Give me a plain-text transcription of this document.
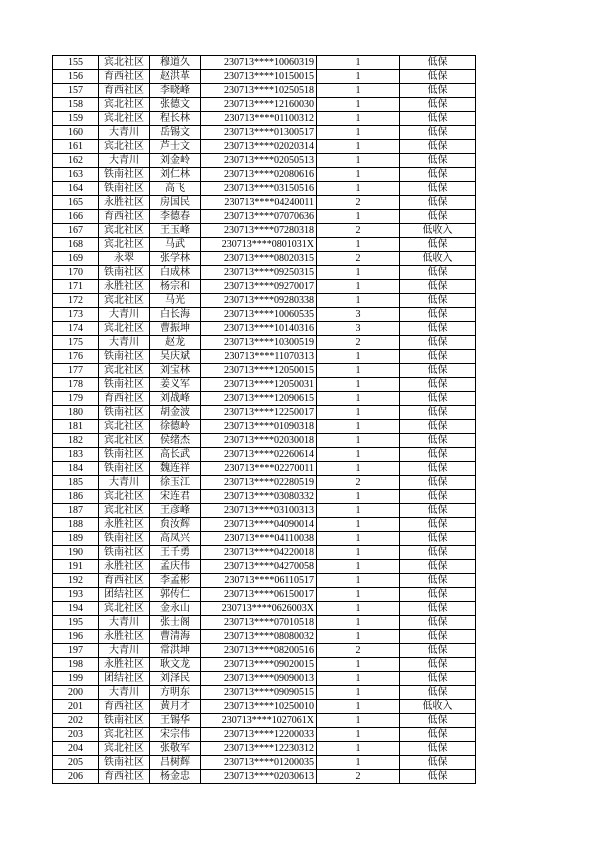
155	宾北社区	穆道久	230713****10060319	1	低保
156	育西社区	赵洪革	230713****10150015	1	低保
157	育西社区	李晓峰	230713****10250518	1	低保
158	宾北社区	张德文	230713****12160030	1	低保
159	宾北社区	程长林	230713****01100312	1	低保
160	大青川	岳锡文	230713****01300517	1	低保
161	宾北社区	芦士文	230713****02020314	1	低保
162	大青川	刘金岭	230713****02050513	1	低保
163	铁南社区	刘仁林	230713****02080616	1	低保
164	铁南社区	高飞	230713****03150516	1	低保
165	永胜社区	房国民	230713****04240011	2	低保
166	育西社区	李德春	230713****07070636	1	低保
167	宾北社区	王玉峰	230713****07280318	2	低收入
168	宾北社区	马武	230713****0801031X	1	低保
169	永翠	张学林	230713****08020315	2	低收入
170	铁南社区	白成林	230713****09250315	1	低保
171	永胜社区	杨宗和	230713****09270017	1	低保
172	宾北社区	马光	230713****09280338	1	低保
173	大青川	白长海	230713****10060535	3	低保
174	宾北社区	曹振坤	230713****10140316	3	低保
175	大青川	赵龙	230713****10300519	2	低保
176	铁南社区	吴庆斌	230713****11070313	1	低保
177	宾北社区	刘宝林	230713****12050015	1	低保
178	铁南社区	姜义军	230713****12050031	1	低保
179	育西社区	刘战峰	230713****12090615	1	低保
180	铁南社区	胡金波	230713****12250017	1	低保
181	宾北社区	徐德岭	230713****01090318	1	低保
182	宾北社区	侯绪杰	230713****02030018	1	低保
183	铁南社区	高长武	230713****02260614	1	低保
184	铁南社区	魏连祥	230713****02270011	1	低保
185	大青川	徐玉江	230713****02280519	2	低保
186	宾北社区	宋连君	230713****03080332	1	低保
187	宾北社区	王彦峰	230713****03100313	1	低保
188	永胜社区	贠汝辉	230713****04090014	1	低保
189	铁南社区	高凤兴	230713****04110038	1	低保
190	铁南社区	王千勇	230713****04220018	1	低保
191	永胜社区	孟庆伟	230713****04270058	1	低保
192	育西社区	李孟彬	230713****06110517	1	低保
193	团结社区	郭传仁	230713****06150017	1	低保
194	宾北社区	金永山	230713****0626003X	1	低保
195	大青川	张士阁	230713****07010518	1	低保
196	永胜社区	曹清海	230713****08080032	1	低保
197	大青川	常洪坤	230713****08200516	2	低保
198	永胜社区	耿文龙	230713****09020015	1	低保
199	团结社区	刘泽民	230713****09090013	1	低保
200	大青川	方明东	230713****09090515	1	低保
201	育西社区	黄月才	230713****10250010	1	低收入
202	铁南社区	王锡华	230713****1027061X	1	低保
203	宾北社区	宋宗伟	230713****12200033	1	低保
204	宾北社区	张敬军	230713****12230312	1	低保
205	铁南社区	吕树辉	230713****01200035	1	低保
206	育西社区	杨金忠	230713****02030613	2	低保
